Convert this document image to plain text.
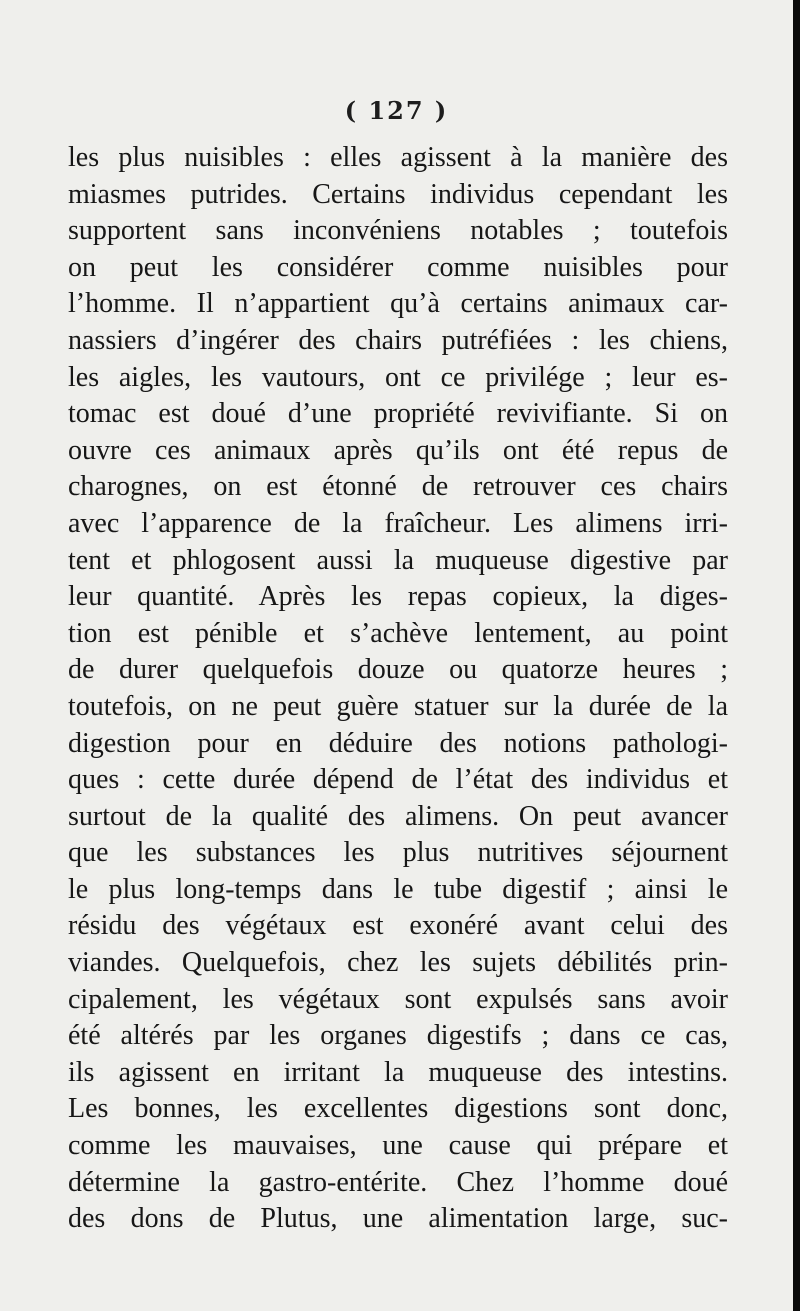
( 127 )
les plus nuisibles : elles agissent à la manière des
miasmes putrides. Certains individus cependant les
supportent sans inconvéniens notables ; toutefois
on peut les considérer comme nuisibles pour
l’homme. Il n’appartient qu’à certains animaux car-
nassiers d’ingérer des chairs putréfiées : les chiens,
les aigles, les vautours, ont ce privilége ; leur es-
tomac est doué d’une propriété revivifiante. Si on
ouvre ces animaux après qu’ils ont été repus de
charognes, on est étonné de retrouver ces chairs
avec l’apparence de la fraîcheur. Les alimens irri-
tent et phlogosent aussi la muqueuse digestive par
leur quantité. Après les repas copieux, la diges-
tion est pénible et s’achève lentement, au point
de durer quelquefois douze ou quatorze heures ;
toutefois, on ne peut guère statuer sur la durée de la
digestion pour en déduire des notions pathologi-
ques : cette durée dépend de l’état des individus et
surtout de la qualité des alimens. On peut avancer
que les substances les plus nutritives séjournent
le plus long-temps dans le tube digestif ; ainsi le
résidu des végétaux est exonéré avant celui des
viandes. Quelquefois, chez les sujets débilités prin-
cipalement, les végétaux sont expulsés sans avoir
été altérés par les organes digestifs ; dans ce cas,
ils agissent en irritant la muqueuse des intestins.
Les bonnes, les excellentes digestions sont donc,
comme les mauvaises, une cause qui prépare et
détermine la gastro-entérite. Chez l’homme doué
des dons de Plutus, une alimentation large, suc-
